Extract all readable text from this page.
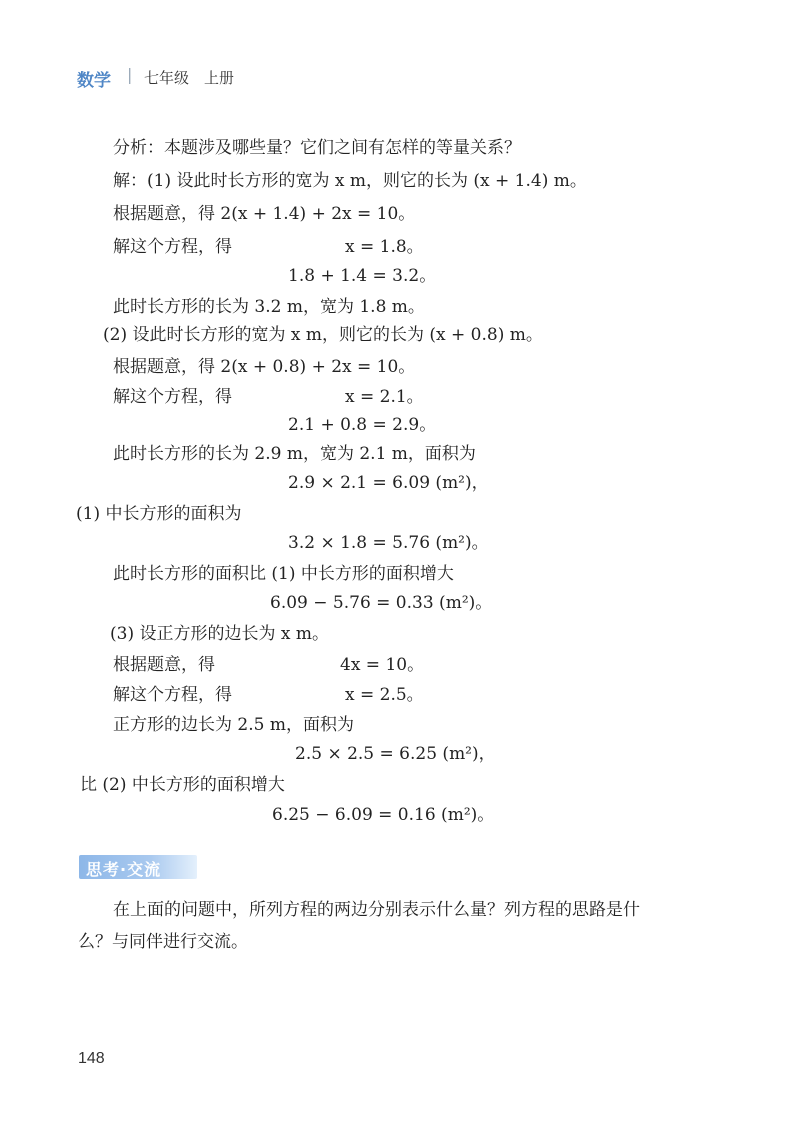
数学 | 七年级　上册
分析：本题涉及哪些量？它们之间有怎样的等量关系？
解：(1) 设此时长方形的宽为 x m，则它的长为 (x + 1.4) m。
根据题意，得 2(x + 1.4) + 2x = 10。
解这个方程，得	x = 1.8。
1.8 + 1.4 = 3.2。
此时长方形的长为 3.2 m，宽为 1.8 m。
(2) 设此时长方形的宽为 x m，则它的长为 (x + 0.8) m。
根据题意，得 2(x + 0.8) + 2x = 10。
解这个方程，得	x = 2.1。
2.1 + 0.8 = 2.9。
此时长方形的长为 2.9 m，宽为 2.1 m，面积为
2.9 × 2.1 = 6.09 (m²)，
(1) 中长方形的面积为
3.2 × 1.8 = 5.76 (m²)。
此时长方形的面积比 (1) 中长方形的面积增大
6.09 − 5.76 = 0.33 (m²)。
(3) 设正方形的边长为 x m。
根据题意，得	4x = 10。
解这个方程，得	x = 2.5。
正方形的边长为 2.5 m，面积为
2.5 × 2.5 = 6.25 (m²)，
比 (2) 中长方形的面积增大
6.25 − 6.09 = 0.16 (m²)。
思考·交流
在上面的问题中，所列方程的两边分别表示什么量？列方程的思路是什
么？与同伴进行交流。
148
